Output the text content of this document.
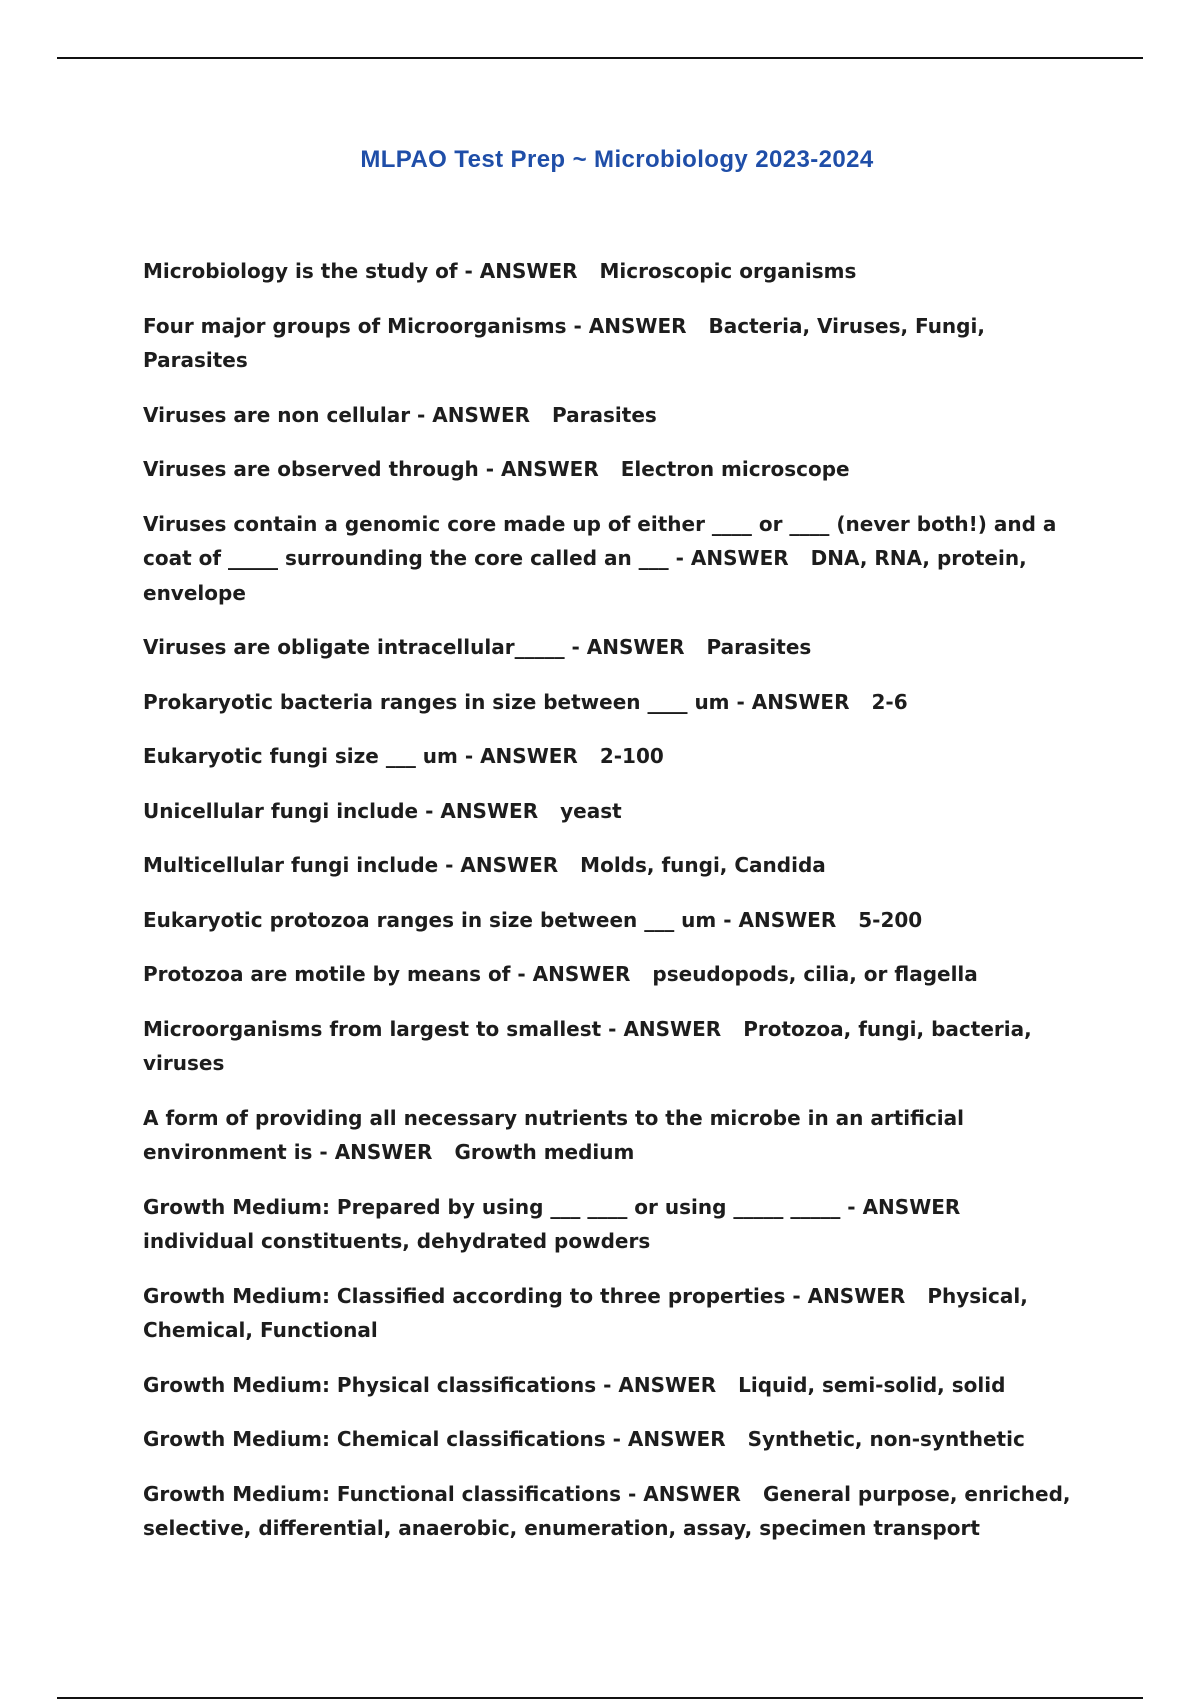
MLPAO Test Prep ~ Microbiology 2023-2024

Microbiology is the study of - ANSWER Microscopic organisms

Four major groups of Microorganisms - ANSWER Bacteria, Viruses, Fungi, Parasites

Viruses are non cellular - ANSWER Parasites

Viruses are observed through - ANSWER Electron microscope

Viruses contain a genomic core made up of either ____ or ____ (never both!) and a coat of _____ surrounding the core called an ___ - ANSWER DNA, RNA, protein, envelope

Viruses are obligate intracellular_____ - ANSWER Parasites

Prokaryotic bacteria ranges in size between ____ um - ANSWER 2-6

Eukaryotic fungi size ___ um - ANSWER 2-100

Unicellular fungi include - ANSWER yeast

Multicellular fungi include - ANSWER Molds, fungi, Candida

Eukaryotic protozoa ranges in size between ___ um - ANSWER 5-200

Protozoa are motile by means of - ANSWER pseudopods, cilia, or flagella

Microorganisms from largest to smallest - ANSWER Protozoa, fungi, bacteria, viruses

A form of providing all necessary nutrients to the microbe in an artificial environment is - ANSWER Growth medium

Growth Medium: Prepared by using ___ ____ or using _____ _____ - ANSWERindividual constituents, dehydrated powders

Growth Medium: Classified according to three properties - ANSWER Physical, Chemical, Functional

Growth Medium: Physical classifications - ANSWER Liquid, semi-solid, solid

Growth Medium: Chemical classifications - ANSWER Synthetic, non-synthetic

Growth Medium: Functional classifications - ANSWER General purpose, enriched, selective, differential, anaerobic, enumeration, assay, specimen transport
